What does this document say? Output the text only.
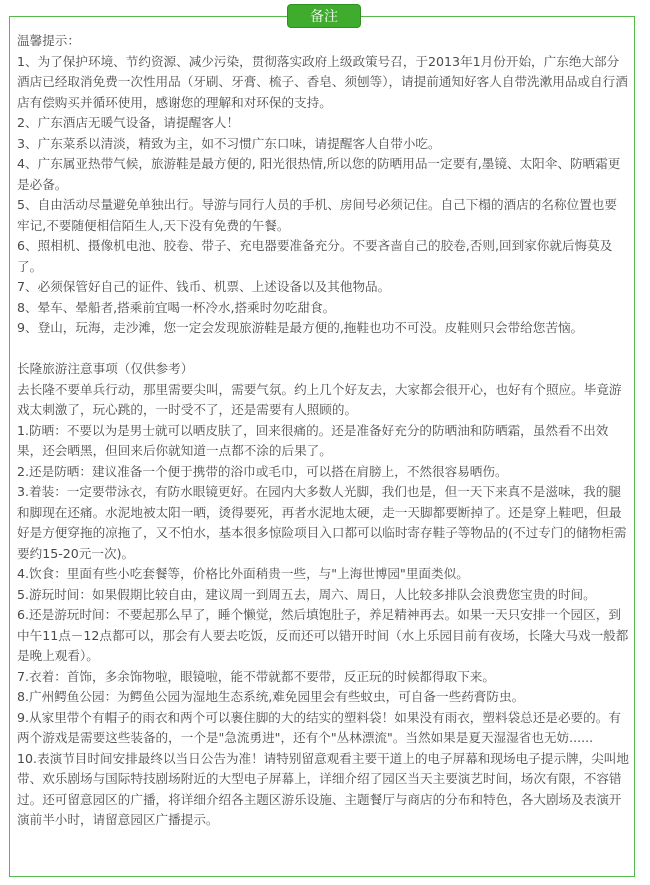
温馨提示：

1、为了保护环境、节约资源、减少污染，贯彻落实政府上级政策号召，于2013年1月份开始，广东绝大部分酒店已经取消免费一次性用品（牙刷、牙膏、梳子、香皂、须刨等），请提前通知好客人自带洗漱用品或自行酒店有偿购买并循环使用，感谢您的理解和对环保的支持。

2、广东酒店无暖气设备，请提醒客人！

3、广东菜系以清淡，精致为主，如不习惯广东口味，请提醒客人自带小吃。

4、广东属亚热带气候，旅游鞋是最方便的, 阳光很热情,所以您的防晒用品一定要有,墨镜、太阳伞、防晒霜更是必备。

5、自由活动尽量避免单独出行。导游与同行人员的手机、房间号必须记住。自己下榻的酒店的名称位置也要牢记,不要随便相信陌生人,天下没有免费的午餐。

6、照相机、摄像机电池、胶卷、带子、充电器要准备充分。不要吝啬自己的胶卷,否则,回到家你就后悔莫及了。

7、必须保管好自己的证件、钱币、机票、上述设备以及其他物品。

8、晕车、晕船者,搭乘前宜喝一杯冷水,搭乘时勿吃甜食。

9、登山，玩海，走沙滩，您一定会发现旅游鞋是最方便的,拖鞋也功不可没。皮鞋则只会带给您苦恼。

长隆旅游注意事项（仅供参考）

去长隆不要单兵行动，那里需要尖叫，需要气氛。约上几个好友去，大家都会很开心，也好有个照应。毕竟游戏太刺激了，玩心跳的，一时受不了，还是需要有人照顾的。

1.防晒：不要以为是男士就可以晒皮肤了，回来很痛的。还是准备好充分的防晒油和防晒霜，虽然看不出效果，还会晒黑，但回来后你就知道一点都不涂的后果了。

2.还是防晒：建议准备一个便于携带的浴巾或毛巾，可以搭在肩膀上，不然很容易晒伤。

3.着装：一定要带泳衣，有防水眼镜更好。在园内大多数人光脚，我们也是，但一天下来真不是滋味，我的腿和脚现在还痛。水泥地被太阳一晒，烫得要死，再者水泥地太硬，走一天脚都要断掉了。还是穿上鞋吧，但最好是方便穿拖的凉拖了，又不怕水，基本很多惊险项目入口都可以临时寄存鞋子等物品的(不过专门的储物柜需要约15-20元一次)。

4.饮食：里面有些小吃套餐等，价格比外面稍贵一些，与"上海世博园"里面类似。

5.游玩时间：如果假期比较自由，建议周一到周五去，周六、周日，人比较多排队会浪费您宝贵的时间。

6.还是游玩时间：不要起那么早了，睡个懒觉，然后填饱肚子，养足精神再去。如果一天只安排一个园区，到中午11点－12点都可以，那会有人要去吃饭，反而还可以错开时间（水上乐园目前有夜场，长隆大马戏一般都是晚上观看）。

7.衣着：首饰，多余饰物啦，眼镜啦，能不带就都不要带，反正玩的时候都得取下来。

8.广州鳄鱼公园：为鳄鱼公园为湿地生态系统,难免园里会有些蚊虫，可自备一些药膏防虫。

9.从家里带个有帽子的雨衣和两个可以裹住脚的大的结实的塑料袋！如果没有雨衣，塑料袋总还是必要的。有两个游戏是需要这些装备的，一个是"急流勇进"，还有个"丛林漂流"。当然如果是夏天湿湿省也无妨......

10.表演节目时间安排最终以当日公告为准！请特别留意观看主要干道上的电子屏幕和现场电子提示牌，尖叫地带、欢乐剧场与国际特技剧场附近的大型电子屏幕上，详细介绍了园区当天主要演艺时间，场次有限，不容错过。还可留意园区的广播，将详细介绍各主题区游乐设施、主题餐厅与商店的分布和特色，各大剧场及表演开演前半小时，请留意园区广播提示。

备注
